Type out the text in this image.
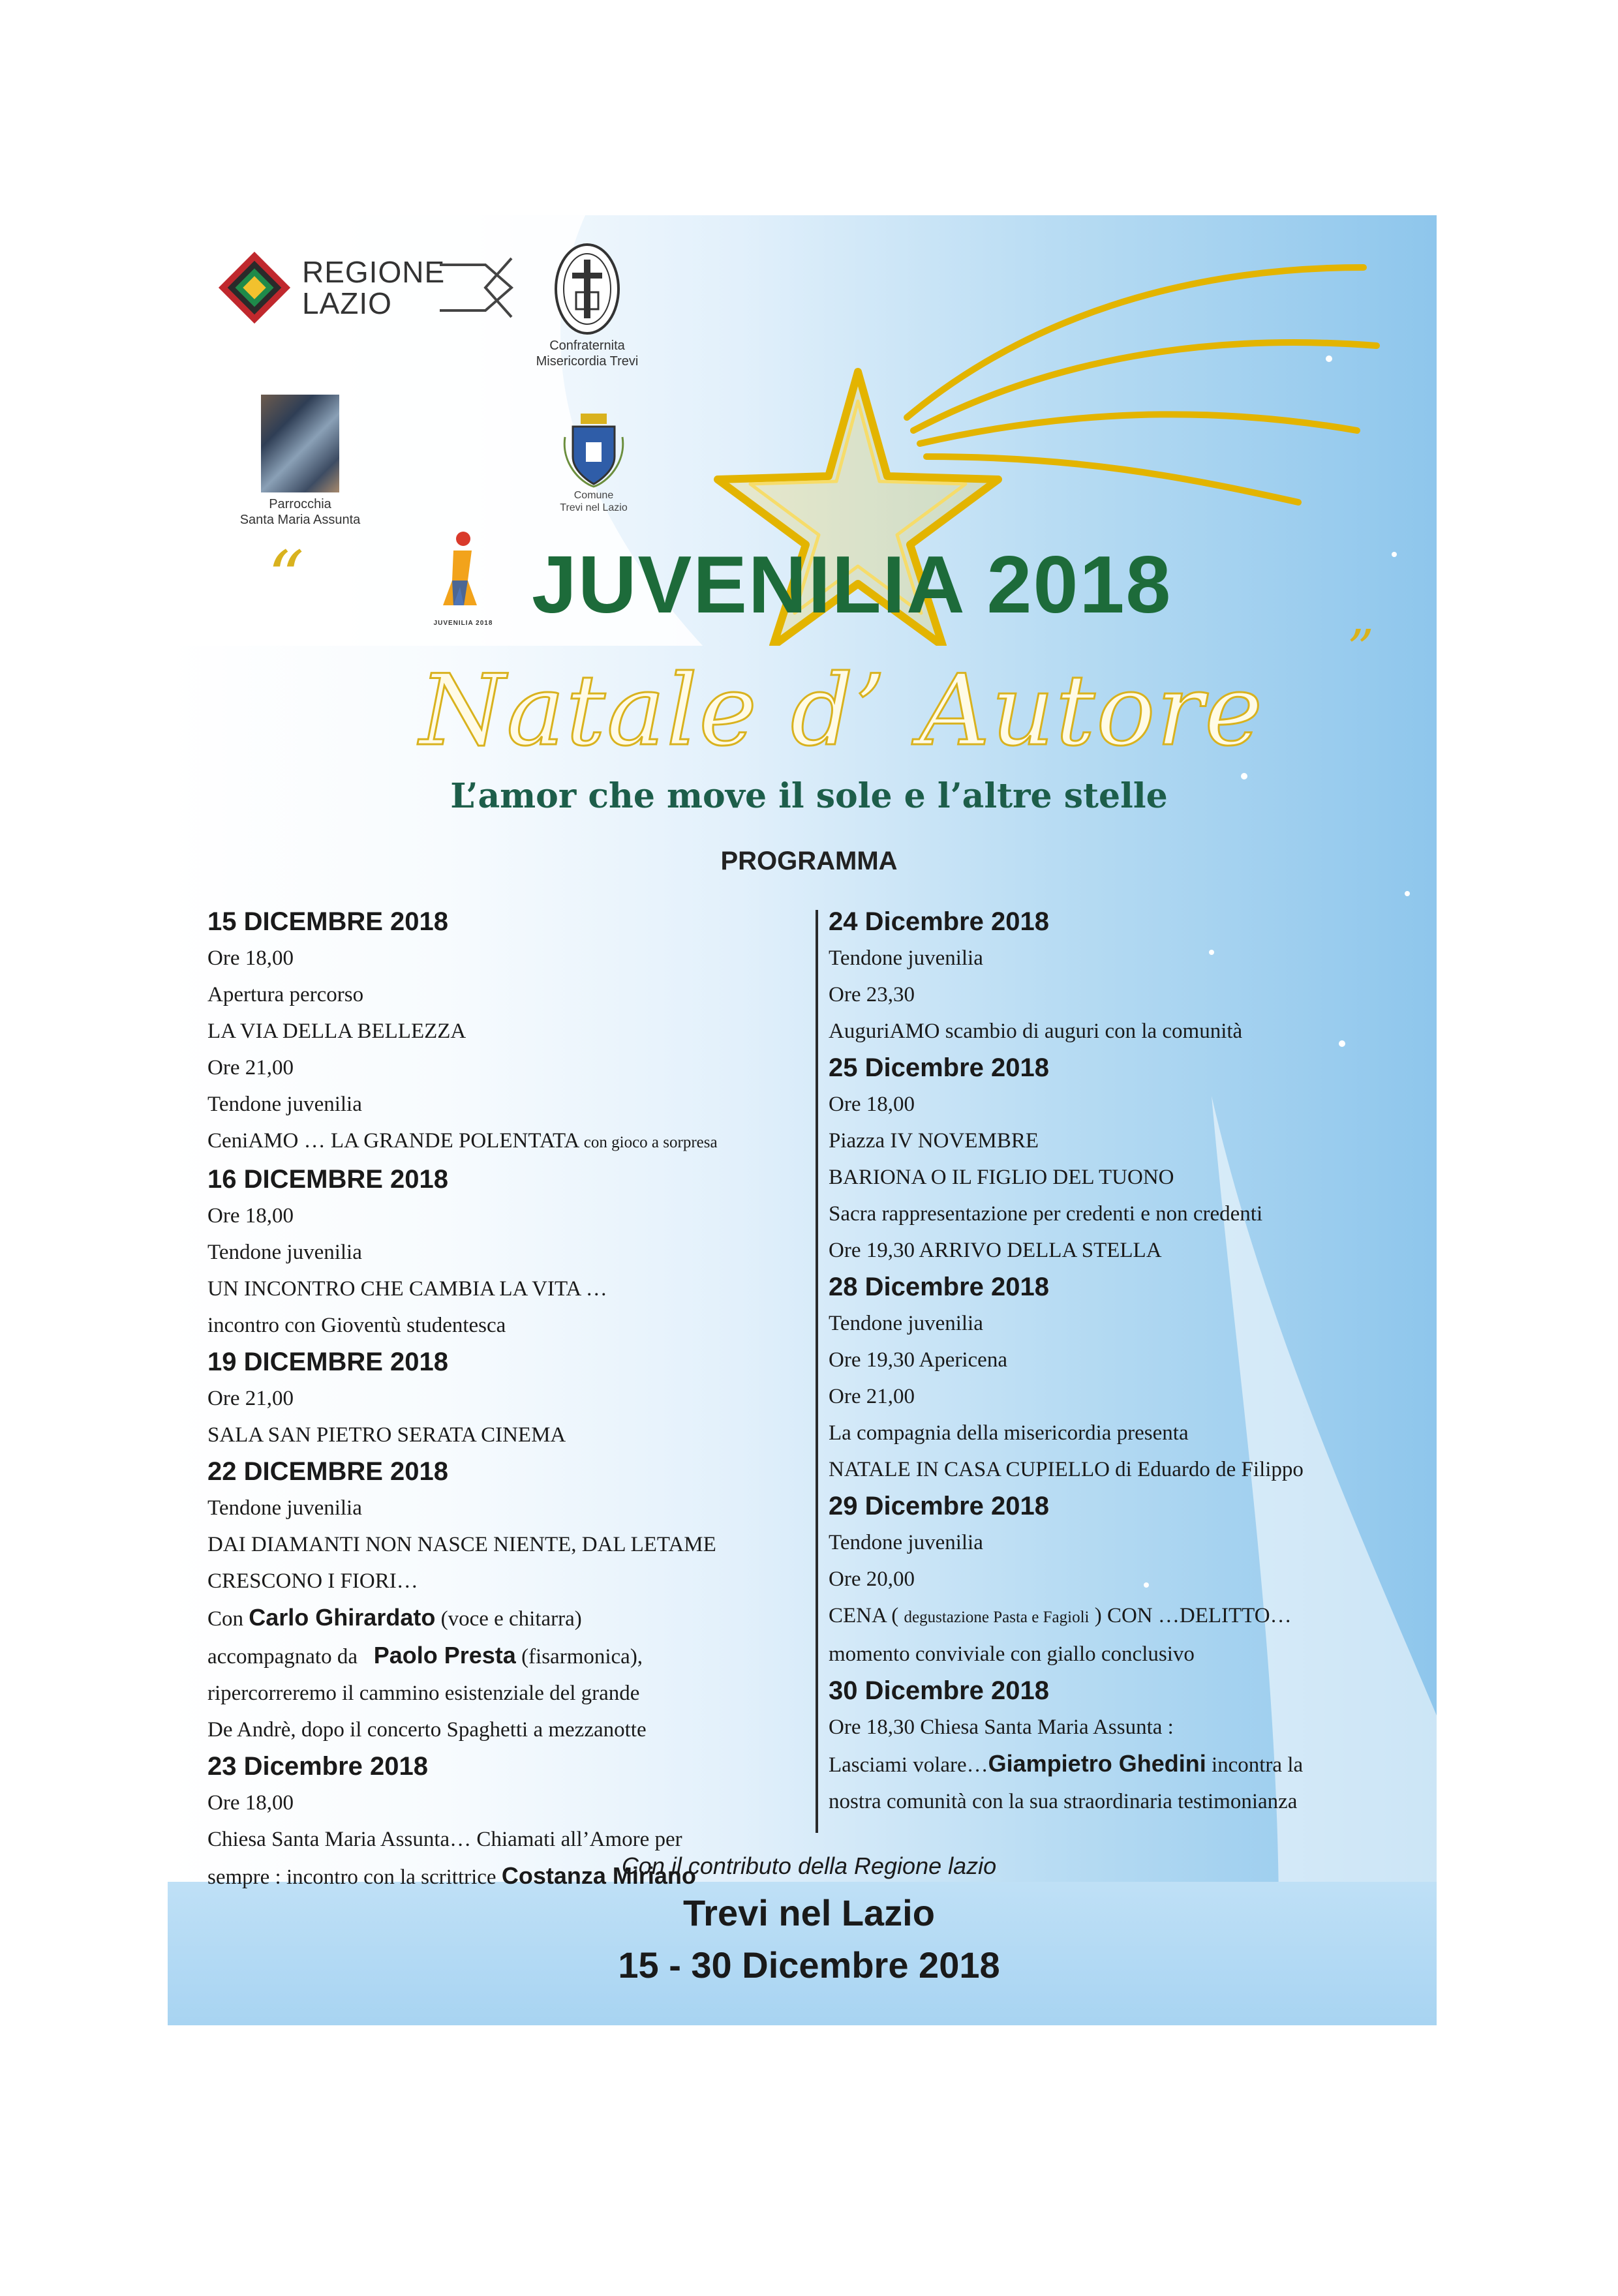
REGIONE
LAZIO
Confraternita
Misericordia Trevi
Parrocchia
Santa Maria Assunta
Comune
Trevi nel Lazio
JUVENILIA 2018
“	JUVENILIA 2018
Natale d’ Autore
”
L’amor che move il sole e l’altre stelle
PROGRAMMA
15 DICEMBRE 2018
Ore 18,00
Apertura percorso
LA VIA DELLA BELLEZZA
Ore 21,00
Tendone juvenilia
CeniAMO … LA GRANDE POLENTATA con gioco a sorpresa
16 DICEMBRE 2018
Ore 18,00
Tendone juvenilia
UN INCONTRO CHE CAMBIA LA VITA …
incontro con Gioventù studentesca
19 DICEMBRE 2018
Ore 21,00
SALA SAN PIETRO SERATA CINEMA
22 DICEMBRE 2018
Tendone juvenilia
DAI DIAMANTI NON NASCE NIENTE, DAL LETAME
CRESCONO I FIORI…
Con Carlo Ghirardato (voce e chitarra)
accompagnato da Paolo Presta (fisarmonica),
ripercorreremo il cammino esistenziale del grande
De Andrè, dopo il concerto Spaghetti a mezzanotte
23 Dicembre 2018
Ore 18,00
Chiesa Santa Maria Assunta… Chiamati all’Amore per
sempre : incontro con la scrittrice Costanza Miriano
24 Dicembre 2018
Tendone juvenilia
Ore 23,30
AuguriAMO scambio di auguri con la comunità
25 Dicembre 2018
Ore 18,00
Piazza IV NOVEMBRE
BARIONA O IL FIGLIO DEL TUONO
Sacra rappresentazione per credenti e non credenti
Ore 19,30 ARRIVO DELLA STELLA
28 Dicembre 2018
Tendone juvenilia
Ore 19,30 Apericena
Ore 21,00
La compagnia della misericordia presenta
NATALE IN CASA CUPIELLO di Eduardo de Filippo
29 Dicembre 2018
Tendone juvenilia
Ore 20,00
CENA ( degustazione Pasta e Fagioli ) CON …DELITTO…
momento conviviale con giallo conclusivo
30 Dicembre 2018
Ore 18,30 Chiesa Santa Maria Assunta :
Lasciami volare…Giampietro Ghedini incontra la
nostra comunità con la sua straordinaria testimonianza
Con il contributo della Regione lazio
Trevi nel Lazio
15 - 30 Dicembre 2018
